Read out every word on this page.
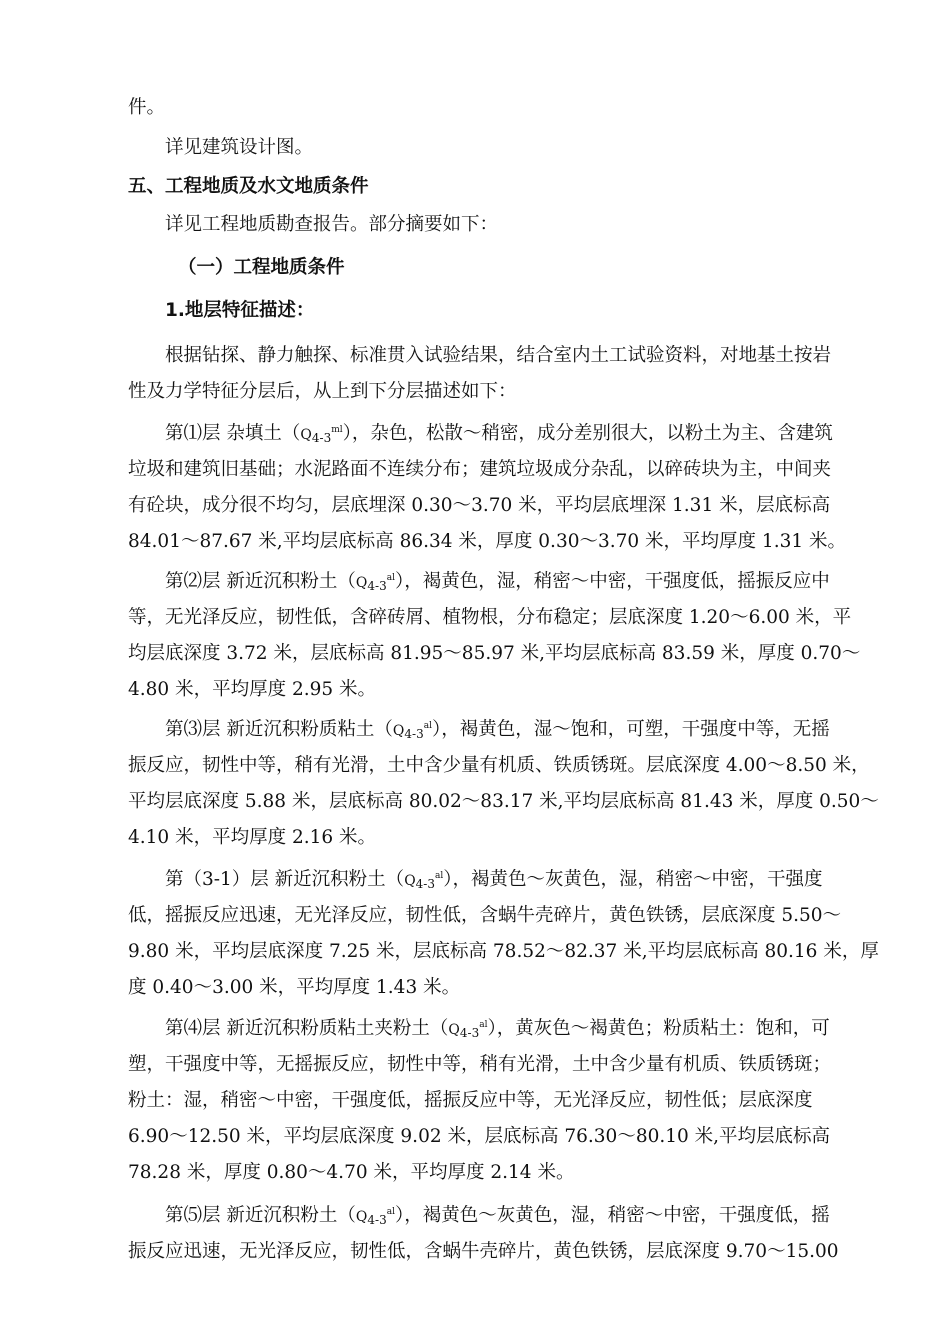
件。
详见建筑设计图。
五、工程地质及水文地质条件
详见工程地质勘查报告。部分摘要如下：
（一）工程地质条件
1.地层特征描述：
根据钻探、静力触探、标准贯入试验结果，结合室内土工试验资料，对地基土按岩
性及力学特征分层后，从上到下分层描述如下：
第⑴层 杂填土$(Q4-3^{ml})$，杂色，松散～稍密，成分差别很大，以粉土为主、含建筑
垃圾和建筑旧基础；水泥路面不连续分布；建筑垃圾成分杂乱，以碎砖块为主，中间夹
有砼块，成分很不均匀，层底埋深 0.30～3.70 米，平均层底埋深 1.31 米，层底标高
84.01～87.67 米,平均层底标高 86.34 米，厚度 0.30～3.70 米，平均厚度 1.31 米。
第⑵层 新近沉积粉土$(Q4-3^{al})$，褐黄色，湿，稍密～中密，干强度低，摇振反应中
等，无光泽反应，韧性低，含碎砖屑、植物根，分布稳定；层底深度 1.20～6.00 米，平
均层底深度 3.72 米，层底标高 81.95～85.97 米,平均层底标高 83.59 米，厚度 0.70～
4.80 米，平均厚度 2.95 米。
第⑶层 新近沉积粉质粘土$(Q4-3^{al})$，褐黄色，湿～饱和，可塑，干强度中等，无摇
振反应，韧性中等，稍有光滑，土中含少量有机质、铁质锈斑。层底深度 4.00～8.50 米，
平均层底深度 5.88 米，层底标高 80.02～83.17 米,平均层底标高 81.43 米，厚度 0.50～
4.10 米，平均厚度 2.16 米。
第（3-1）层 新近沉积粉土$(Q4-3^{al})$，褐黄色～灰黄色，湿，稍密～中密，干强度
低，摇振反应迅速，无光泽反应，韧性低，含蜗牛壳碎片，黄色铁锈，层底深度 5.50～
9.80 米，平均层底深度 7.25 米，层底标高 78.52～82.37 米,平均层底标高 80.16 米，厚
度 0.40～3.00 米，平均厚度 1.43 米。
第⑷层 新近沉积粉质粘土夹粉土$(Q4-3^{al})$，黄灰色～褐黄色；粉质粘土：饱和，可
塑，干强度中等，无摇振反应，韧性中等，稍有光滑，土中含少量有机质、铁质锈斑；
粉土：湿，稍密～中密，干强度低，摇振反应中等，无光泽反应，韧性低；层底深度
6.90～12.50 米，平均层底深度 9.02 米，层底标高 76.30～80.10 米,平均层底标高
78.28 米，厚度 0.80～4.70 米，平均厚度 2.14 米。
第⑸层 新近沉积粉土$(Q4-3^{al})$，褐黄色～灰黄色，湿，稍密～中密，干强度低，摇
振反应迅速，无光泽反应，韧性低，含蜗牛壳碎片，黄色铁锈，层底深度 9.70～15.00
